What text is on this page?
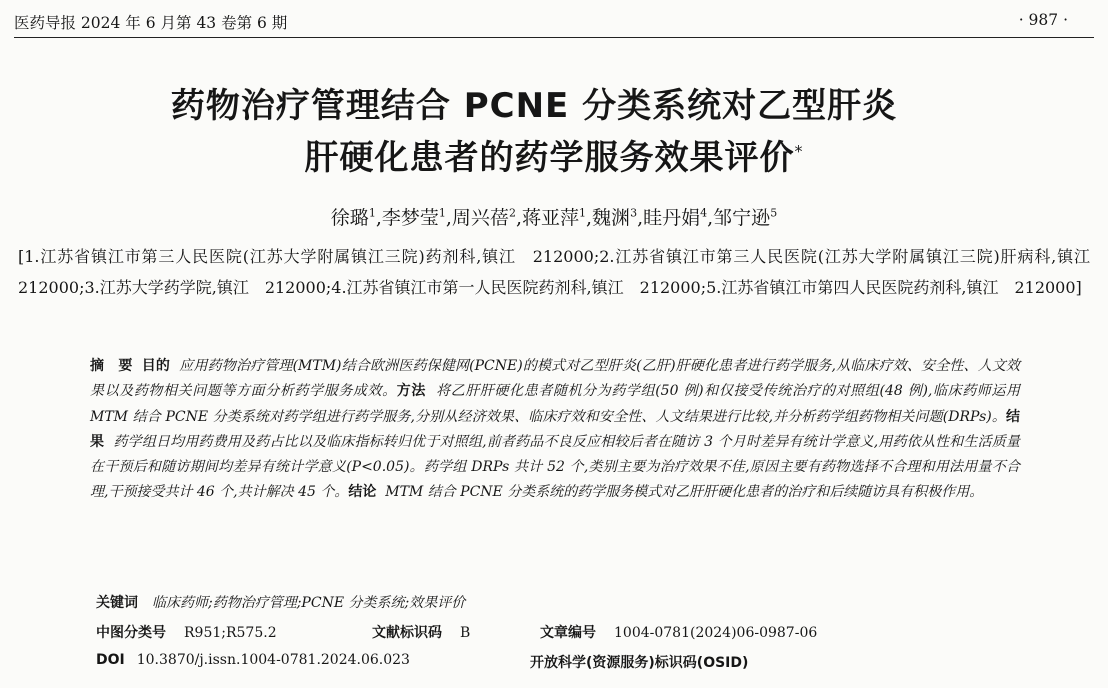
医药导报 2024 年 6 月第 43 卷第 6 期	· 987 ·
药物治疗管理结合 PCNE 分类系统对乙型肝炎
肝硬化患者的药学服务效果评价*
徐璐$^1$,李梦莹$^1$,周兴蓓$^2$,蒋亚萍$^1$,魏渊$^3$,眭丹娟$^4$,邹宁逊$^5$
[1.江苏省镇江市第三人民医院(江苏大学附属镇江三院)药剂科,镇江　212000;2.江苏省镇江市第三人民医院(江苏大学附属镇江三院)肝病科,镇江　212000;3.江苏大学药学院,镇江　212000;4.江苏省镇江市第一人民医院药剂科,镇江　212000;5.江苏省镇江市第四人民医院药剂科,镇江　212000]
摘　要 目的 应用药物治疗管理(MTM)结合欧洲医药保健网(PCNE)的模式对乙型肝炎(乙肝)肝硬化患者进行药学服务,从临床疗效、安全性、人文效果以及药物相关问题等方面分析药学服务成效。方法 将乙肝肝硬化患者随机分为药学组(50 例)和仅接受传统治疗的对照组(48 例),临床药师运用 MTM 结合 PCNE 分类系统对药学组进行药学服务,分别从经济效果、临床疗效和安全性、人文结果进行比较,并分析药学组药物相关问题(DRPs)。结果 药学组日均用药费用及药占比以及临床指标转归优于对照组,前者药品不良反应相较后者在随访 3 个月时差异有统计学意义,用药依从性和生活质量在干预后和随访期间均差异有统计学意义(P<0.05)。药学组 DRPs 共计 52 个,类别主要为治疗效果不佳,原因主要有药物选择不合理和用法用量不合理,干预接受共计 46 个,共计解决 45 个。结论 MTM 结合 PCNE 分类系统的药学服务模式对乙肝肝硬化患者的治疗和后续随访具有积极作用。
关键词 临床药师;药物治疗管理;PCNE 分类系统;效果评价
中图分类号 R951;R575.2	文献标识码 B	文章编号 1004-0781(2024)06-0987-06
DOI 10.3870/j.issn.1004-0781.2024.06.023	开放科学(资源服务)标识码(OSID)
